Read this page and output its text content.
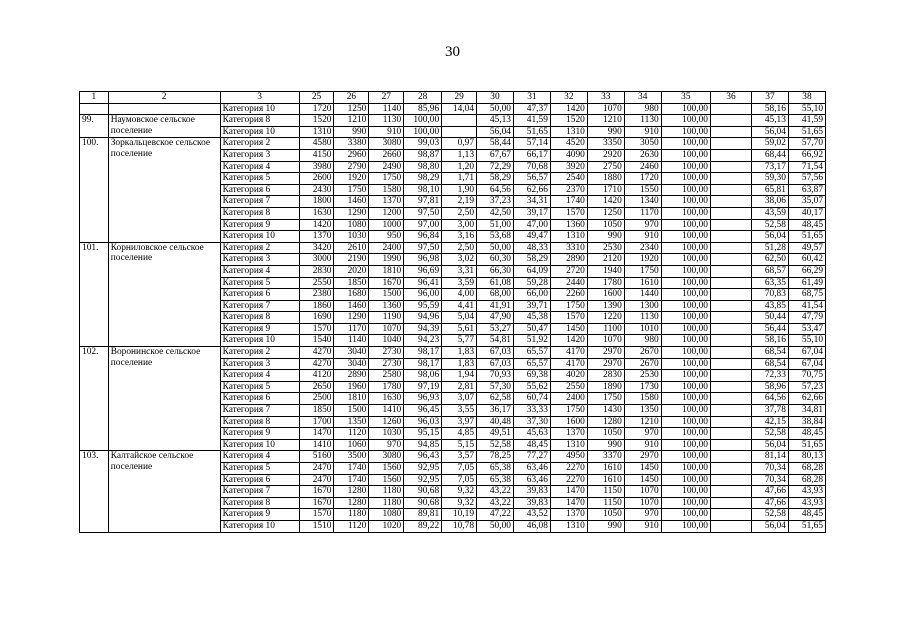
30
1	2	3	25	26	27	28	29	30	31	32	33	34	35	36	37	38
		Категория 10	1720	1250	1140	85,96	14,04	50,00	47,37	1420	1070	980	100,00		58,16	55,10
99.	Наумовское сельское поселение	Категория 8	1520	1210	1130	100,00		45,13	41,59	1520	1210	1130	100,00		45,13	41,59
		Категория 10	1310	990	910	100,00		56,04	51,65	1310	990	910	100,00		56,04	51,65
100.	Зоркальцевское сельское поселение	Категория 2	4580	3380	3080	99,03	0,97	58,44	57,14	4520	3350	3050	100,00		59,02	57,70
		Категория 3	4150	2960	2660	98,87	1,13	67,67	66,17	4090	2920	2630	100,00		68,44	66,92
		Категория 4	3980	2790	2490	98,80	1,20	72,29	70,68	3920	2750	2460	100,00		73,17	71,54
		Категория 5	2600	1920	1750	98,29	1,71	58,29	56,57	2540	1880	1720	100,00		59,30	57,56
		Категория 6	2430	1750	1580	98,10	1,90	64,56	62,66	2370	1710	1550	100,00		65,81	63,87
		Категория 7	1800	1460	1370	97,81	2,19	37,23	34,31	1740	1420	1340	100,00		38,06	35,07
		Категория 8	1630	1290	1200	97,50	2,50	42,50	39,17	1570	1250	1170	100,00		43,59	40,17
		Категория 9	1420	1080	1000	97,00	3,00	51,00	47,00	1360	1050	970	100,00		52,58	48,45
		Категория 10	1370	1030	950	96,84	3,16	53,68	49,47	1310	990	910	100,00		56,04	51,65
101.	Корниловское сельское поселение	Категория 2	3420	2610	2400	97,50	2,50	50,00	48,33	3310	2530	2340	100,00		51,28	49,57
		Категория 3	3000	2190	1990	96,98	3,02	60,30	58,29	2890	2120	1920	100,00		62,50	60,42
		Категория 4	2830	2020	1810	96,69	3,31	66,30	64,09	2720	1940	1750	100,00		68,57	66,29
		Категория 5	2550	1850	1670	96,41	3,59	61,08	59,28	2440	1780	1610	100,00		63,35	61,49
		Категория 6	2380	1680	1500	96,00	4,00	68,00	66,00	2260	1600	1440	100,00		70,83	68,75
		Категория 7	1860	1460	1360	95,59	4,41	41,91	39,71	1750	1390	1300	100,00		43,85	41,54
		Категория 8	1690	1290	1190	94,96	5,04	47,90	45,38	1570	1220	1130	100,00		50,44	47,79
		Категория 9	1570	1170	1070	94,39	5,61	53,27	50,47	1450	1100	1010	100,00		56,44	53,47
		Категория 10	1540	1140	1040	94,23	5,77	54,81	51,92	1420	1070	980	100,00		58,16	55,10
102.	Воронинское сельское поселение	Категория 2	4270	3040	2730	98,17	1,83	67,03	65,57	4170	2970	2670	100,00		68,54	67,04
		Категория 3	4270	3040	2730	98,17	1,83	67,03	65,57	4170	2970	2670	100,00		68,54	67,04
		Категория 4	4120	2890	2580	98,06	1,94	70,93	69,38	4020	2830	2530	100,00		72,33	70,75
		Категория 5	2650	1960	1780	97,19	2,81	57,30	55,62	2550	1890	1730	100,00		58,96	57,23
		Категория 6	2500	1810	1630	96,93	3,07	62,58	60,74	2400	1750	1580	100,00		64,56	62,66
		Категория 7	1850	1500	1410	96,45	3,55	36,17	33,33	1750	1430	1350	100,00		37,78	34,81
		Категория 8	1700	1350	1260	96,03	3,97	40,48	37,30	1600	1280	1210	100,00		42,15	38,84
		Категория 9	1470	1120	1030	95,15	4,85	49,51	45,63	1370	1050	970	100,00		52,58	48,45
		Категория 10	1410	1060	970	94,85	5,15	52,58	48,45	1310	990	910	100,00		56,04	51,65
103.	Калтайское сельское поселение	Категория 4	5160	3500	3080	96,43	3,57	78,25	77,27	4950	3370	2970	100,00		81,14	80,13
		Категория 5	2470	1740	1560	92,95	7,05	65,38	63,46	2270	1610	1450	100,00		70,34	68,28
		Категория 6	2470	1740	1560	92,95	7,05	65,38	63,46	2270	1610	1450	100,00		70,34	68,28
		Категория 7	1670	1280	1180	90,68	9,32	43,22	39,83	1470	1150	1070	100,00		47,66	43,93
		Категория 8	1670	1280	1180	90,68	9,32	43,22	39,83	1470	1150	1070	100,00		47,66	43,93
		Категория 9	1570	1180	1080	89,81	10,19	47,22	43,52	1370	1050	970	100,00		52,58	48,45
		Категория 10	1510	1120	1020	89,22	10,78	50,00	46,08	1310	990	910	100,00		56,04	51,65
